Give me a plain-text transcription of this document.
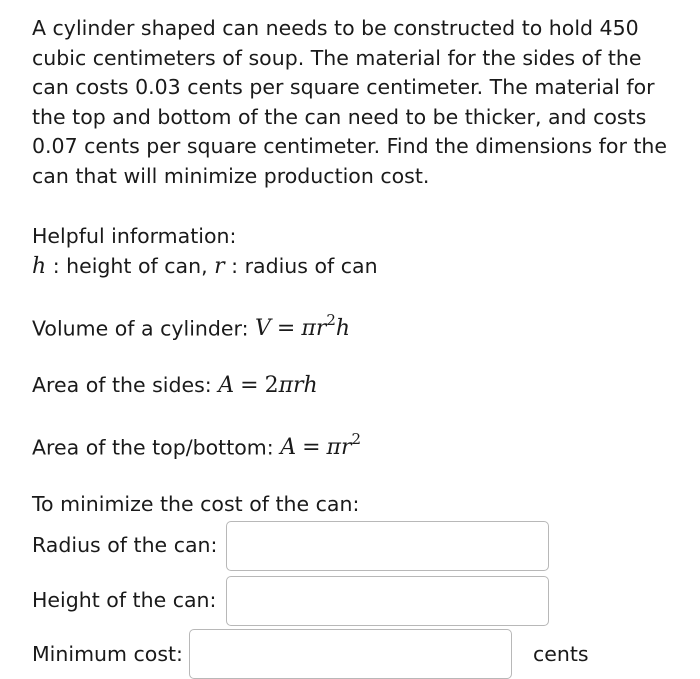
A cylinder shaped can needs to be constructed to hold 450 cubic centimeters of soup. The material for the sides of the can costs 0.03 cents per square centimeter. The material for the top and bottom of the can need to be thicker, and costs 0.07 cents per square centimeter. Find the dimensions for the can that will minimize production cost.

Helpful information:
h : height of can, r : radius of can
Volume of a cylinder: $V = \pi r^2h$
Area of the sides: A = 2πrh
Area of the top/bottom: $A = \pi r^2$
To minimize the cost of the can:
Radius of the can:
Height of the can:
Minimum cost:	cents
